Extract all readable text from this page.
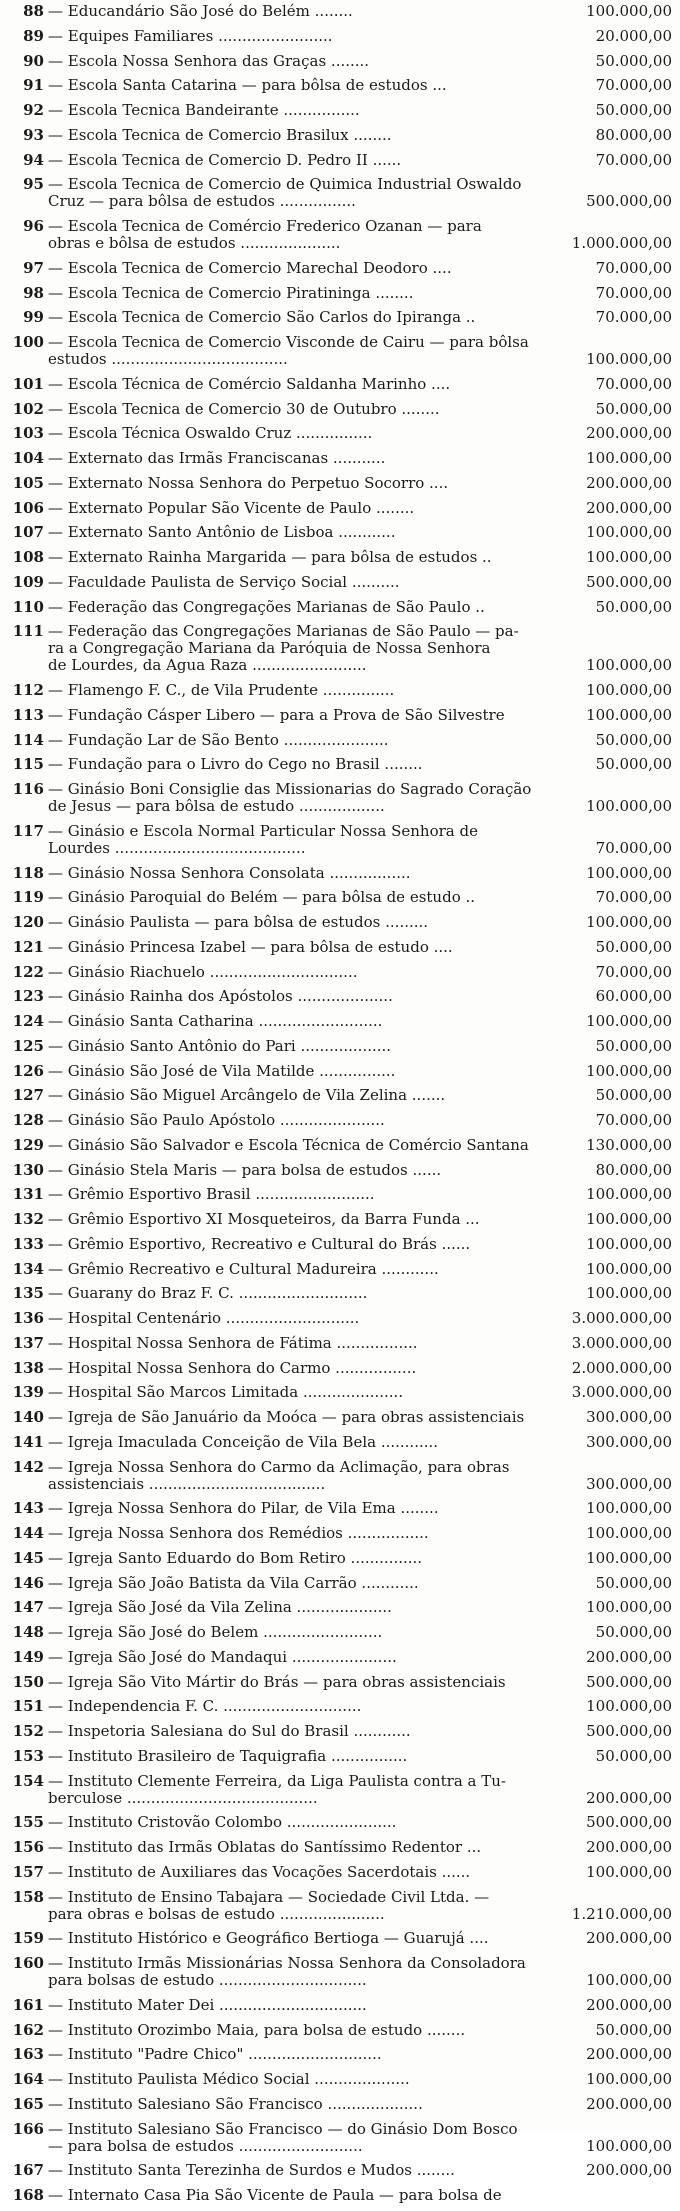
88 — Educandário São José do Belém ........	100.000,00
89 — Equipes Familiares ........................	20.000,00
90 — Escola Nossa Senhora das Graças ........	50.000,00
91 — Escola Santa Catarina — para bôlsa de estudos ...	70.000,00
92 — Escola Tecnica Bandeirante ................	50.000,00
93 — Escola Tecnica de Comercio Brasilux ........	80.000,00
94 — Escola Tecnica de Comercio D. Pedro II ......	70.000,00
95 — Escola Tecnica de Comercio de Quimica Industrial Oswaldo
Cruz — para bôlsa de estudos ................	500.000,00
96 — Escola Tecnica de Comércio Frederico Ozanan — para
obras e bôlsa de estudos .....................	1.000.000,00
97 — Escola Tecnica de Comercio Marechal Deodoro ....	70.000,00
98 — Escola Tecnica de Comercio Piratininga ........	70.000,00
99 — Escola Tecnica de Comercio São Carlos do Ipiranga ..	70.000,00
100 — Escola Tecnica de Comercio Visconde de Cairu — para bôlsa
estudos .....................................	100.000,00
101 — Escola Técnica de Comércio Saldanha Marinho ....	70.000,00
102 — Escola Tecnica de Comercio 30 de Outubro ........	50.000,00
103 — Escola Técnica Oswaldo Cruz ................	200.000,00
104 — Externato das Irmãs Franciscanas ...........	100.000,00
105 — Externato Nossa Senhora do Perpetuo Socorro ....	200.000,00
106 — Externato Popular São Vicente de Paulo ........	200.000,00
107 — Externato Santo Antônio de Lisboa ............	100.000,00
108 — Externato Rainha Margarida — para bôlsa de estudos ..	100.000,00
109 — Faculdade Paulista de Serviço Social ..........	500.000,00
110 — Federação das Congregações Marianas de São Paulo ..	50.000,00
111 — Federação das Congregações Marianas de São Paulo — pa-
ra a Congregação Mariana da Paróquia de Nossa Senhora
de Lourdes, da Agua Raza ........................	100.000,00
112 — Flamengo F. C., de Vila Prudente ...............	100.000,00
113 — Fundação Cásper Libero — para a Prova de São Silvestre	100.000,00
114 — Fundação Lar de São Bento ......................	50.000,00
115 — Fundação para o Livro do Cego no Brasil ........	50.000,00
116 — Ginásio Boni Consiglie das Missionarias do Sagrado Coração
de Jesus — para bôlsa de estudo ..................	100.000,00
117 — Ginásio e Escola Normal Particular Nossa Senhora de
Lourdes ........................................	70.000,00
118 — Ginásio Nossa Senhora Consolata .................	100.000,00
119 — Ginásio Paroquial do Belém — para bôlsa de estudo ..	70.000,00
120 — Ginásio Paulista — para bôlsa de estudos .........	100.000,00
121 — Ginásio Princesa Izabel — para bôlsa de estudo ....	50.000,00
122 — Ginásio Riachuelo ...............................	70.000,00
123 — Ginásio Rainha dos Apóstolos ....................	60.000,00
124 — Ginásio Santa Catharina ..........................	100.000,00
125 — Ginásio Santo Antônio do Pari ...................	50.000,00
126 — Ginásio São José de Vila Matilde ................	100.000,00
127 — Ginásio São Miguel Arcângelo de Vila Zelina .......	50.000,00
128 — Ginásio São Paulo Apóstolo ......................	70.000,00
129 — Ginásio São Salvador e Escola Técnica de Comércio Santana	130.000,00
130 — Ginásio Stela Maris — para bolsa de estudos ......	80.000,00
131 — Grêmio Esportivo Brasil .........................	100.000,00
132 — Grêmio Esportivo XI Mosqueteiros, da Barra Funda ...	100.000,00
133 — Grêmio Esportivo, Recreativo e Cultural do Brás ......	100.000,00
134 — Grêmio Recreativo e Cultural Madureira ............	100.000,00
135 — Guarany do Braz F. C. ...........................	100.000,00
136 — Hospital Centenário ............................	3.000.000,00
137 — Hospital Nossa Senhora de Fátima .................	3.000.000,00
138 — Hospital Nossa Senhora do Carmo .................	2.000.000,00
139 — Hospital São Marcos Limitada .....................	3.000.000,00
140 — Igreja de São Januário da Moóca — para obras assistenciais	300.000,00
141 — Igreja Imaculada Conceição de Vila Bela ............	300.000,00
142 — Igreja Nossa Senhora do Carmo da Aclimação, para obras
assistenciais .....................................	300.000,00
143 — Igreja Nossa Senhora do Pilar, de Vila Ema ........	100.000,00
144 — Igreja Nossa Senhora dos Remédios .................	100.000,00
145 — Igreja Santo Eduardo do Bom Retiro ...............	100.000,00
146 — Igreja São João Batista da Vila Carrão ............	50.000,00
147 — Igreja São José da Vila Zelina ....................	100.000,00
148 — Igreja São José do Belem .........................	50.000,00
149 — Igreja São José do Mandaqui ......................	200.000,00
150 — Igreja São Vito Mártir do Brás — para obras assistenciais	500.000,00
151 — Independencia F. C. .............................	100.000,00
152 — Inspetoria Salesiana do Sul do Brasil ............	500.000,00
153 — Instituto Brasileiro de Taquigrafia ................	50.000,00
154 — Instituto Clemente Ferreira, da Liga Paulista contra a Tu-
berculose ........................................	200.000,00
155 — Instituto Cristovão Colombo .......................	500.000,00
156 — Instituto das Irmãs Oblatas do Santíssimo Redentor ...	200.000,00
157 — Instituto de Auxiliares das Vocações Sacerdotais ......	100.000,00
158 — Instituto de Ensino Tabajara — Sociedade Civil Ltda. —
para obras e bolsas de estudo ......................	1.210.000,00
159 — Instituto Histórico e Geográfico Bertioga — Guarujá ....	200.000,00
160 — Instituto Irmãs Missionárias Nossa Senhora da Consoladora
para bolsas de estudo ...............................	100.000,00
161 — Instituto Mater Dei ...............................	200.000,00
162 — Instituto Orozimbo Maia, para bolsa de estudo ........	50.000,00
163 — Instituto "Padre Chico" ............................	200.000,00
164 — Instituto Paulista Médico Social ....................	100.000,00
165 — Instituto Salesiano São Francisco ....................	200.000,00
166 — Instituto Salesiano São Francisco — do Ginásio Dom Bosco
— para bolsa de estudos ..........................	100.000,00
167 — Instituto Santa Terezinha de Surdos e Mudos ........	200.000,00
168 — Internato Casa Pia São Vicente de Paula — para bolsa de
